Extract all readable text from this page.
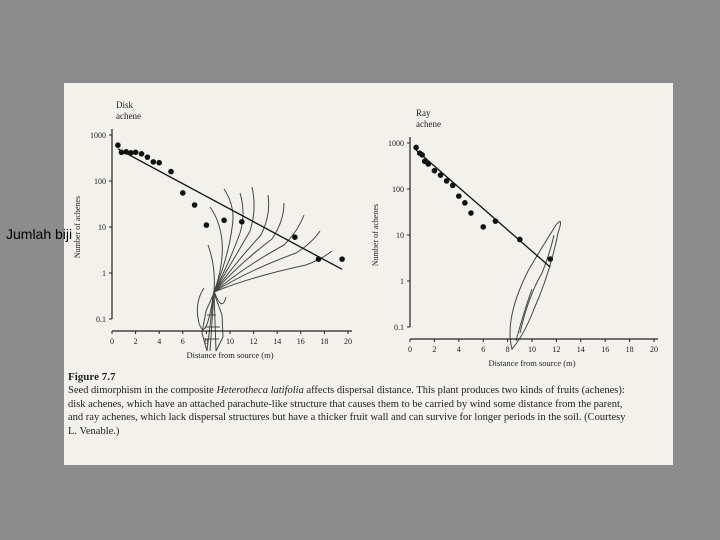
Jumlah biji
0.1
1
10
100
1000
0 2 4 6 8 10 12 14 16 18 20
Disk
achene
Distance from source (m)
Number of achenes
0.1
1
10
100
1000
0	2	4	6	8 10 12 14 16 18 20
Ray
achene
Distance from source (m)
Number of achenes
Figure 7.7
Seed dimorphism in the composite Heterotheca latifolia affects dispersal distance. This plant produces two kinds of fruits (achenes): disk achenes, which have an attached parachute-like structure that causes them to be carried by wind some distance from the parent, and ray achenes, which lack dispersal structures but have a thicker fruit wall and can survive for longer periods in the soil. (Courtesy L. Venable.)
